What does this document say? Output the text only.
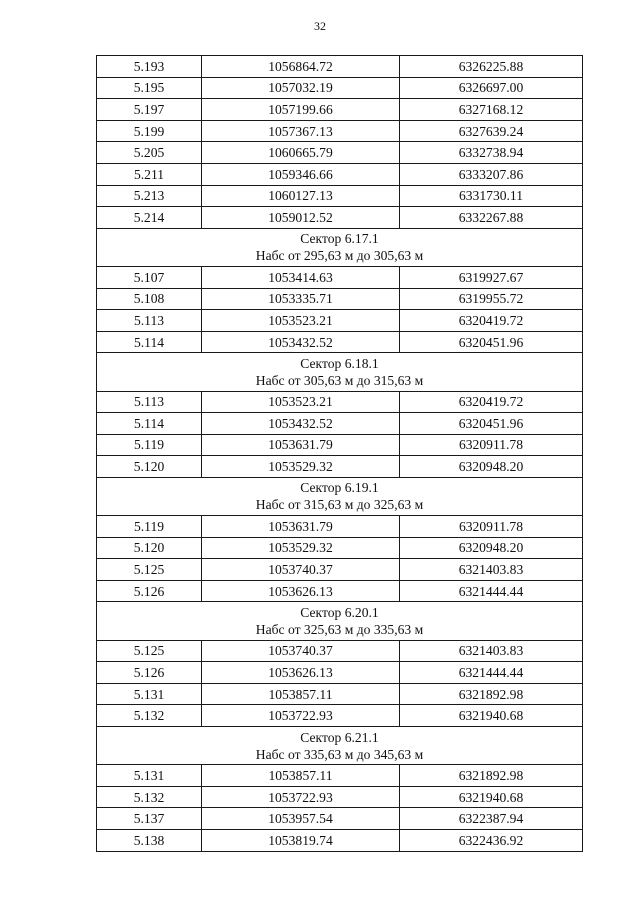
32
5.193	1056864.72	6326225.88
5.195	1057032.19	6326697.00
5.197	1057199.66	6327168.12
5.199	1057367.13	6327639.24
5.205	1060665.79	6332738.94
5.211	1059346.66	6333207.86
5.213	1060127.13	6331730.11
5.214	1059012.52	6332267.88

Сектор 6.17.1
Набс от 295,63 м до 305,63 м		

5.107	1053414.63	6319927.67
5.108	1053335.71	6319955.72
5.113	1053523.21	6320419.72
5.114	1053432.52	6320451.96

Сектор 6.18.1
Набс от 305,63 м до 315,63 м		

5.113	1053523.21	6320419.72
5.114	1053432.52	6320451.96
5.119	1053631.79	6320911.78
5.120	1053529.32	6320948.20

Сектор 6.19.1
Набс от 315,63 м до 325,63 м		

5.119	1053631.79	6320911.78
5.120	1053529.32	6320948.20
5.125	1053740.37	6321403.83
5.126	1053626.13	6321444.44

Сектор 6.20.1
Набс от 325,63 м до 335,63 м		

5.125	1053740.37	6321403.83
5.126	1053626.13	6321444.44
5.131	1053857.11	6321892.98
5.132	1053722.93	6321940.68

Сектор 6.21.1
Набс от 335,63 м до 345,63 м		

5.131	1053857.11	6321892.98
5.132	1053722.93	6321940.68
5.137	1053957.54	6322387.94
5.138	1053819.74	6322436.92
